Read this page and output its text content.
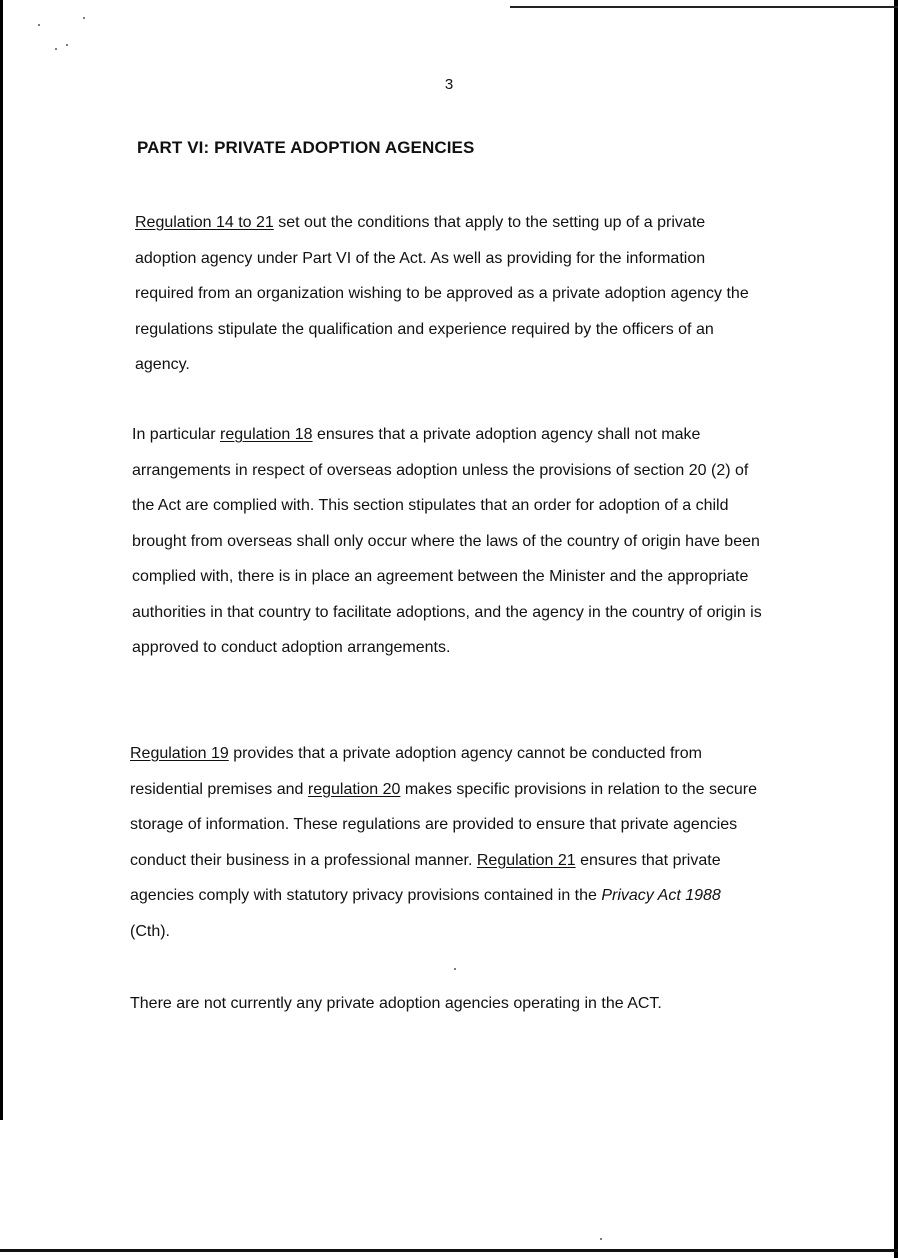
3
PART VI: PRIVATE ADOPTION AGENCIES

Regulation 14 to 21 set out the conditions that apply to the setting up of a private adoption agency under Part VI of the Act. As well as providing for the information required from an organization wishing to be approved as a private adoption agency the regulations stipulate the qualification and experience required by the officers of an agency.

In particular regulation 18 ensures that a private adoption agency shall not make arrangements in respect of overseas adoption unless the provisions of section 20 (2) of the Act are complied with. This section stipulates that an order for adoption of a child brought from overseas shall only occur where the laws of the country of origin have been complied with, there is in place an agreement between the Minister and the appropriate authorities in that country to facilitate adoptions, and the agency in the country of origin is approved to conduct adoption arrangements.

Regulation 19 provides that a private adoption agency cannot be conducted from residential premises and regulation 20 makes specific provisions in relation to the secure storage of information. These regulations are provided to ensure that private agencies conduct their business in a professional manner. Regulation 21 ensures that private agencies comply with statutory privacy provisions contained in the Privacy Act 1988 (Cth).

There are not currently any private adoption agencies operating in the ACT.
